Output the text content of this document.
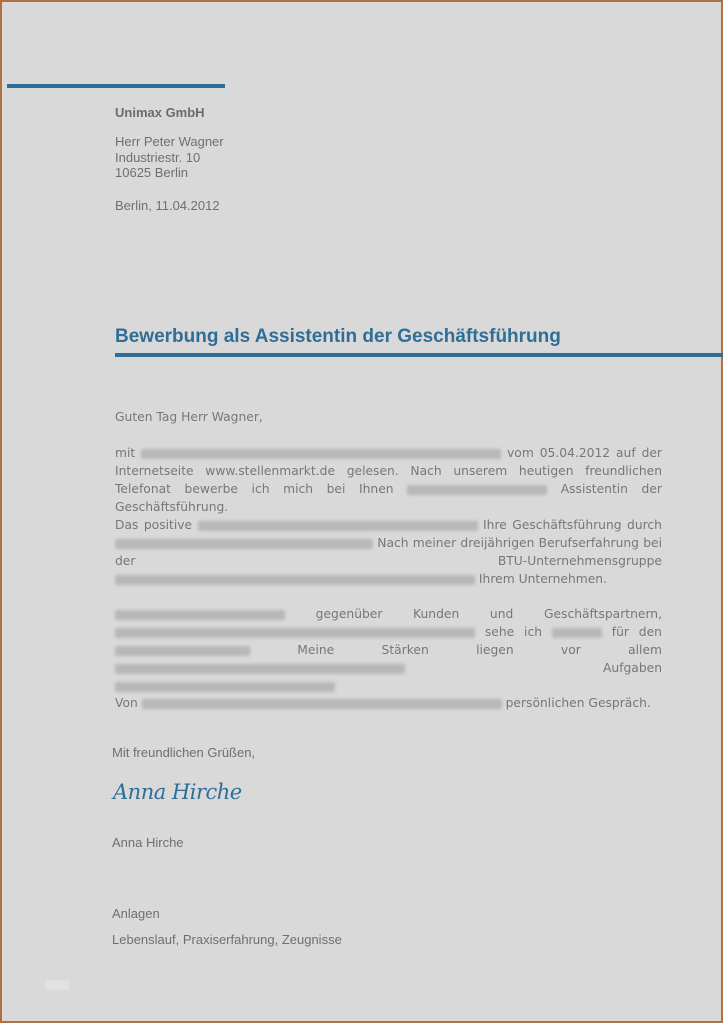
Unimax GmbH
Herr Peter Wagner
Industriestr. 10
10625 Berlin
Berlin, 11.04.2012
Bewerbung als Assistentin der Geschäftsführung
Guten Tag Herr Wagner,
mit	vom 05.04.2012 auf der Internetseite www.stellenmarkt.de gelesen. Nach unserem heutigen freundlichen Telefonat bewerbe ich mich bei Ihnen	Assistentin der Geschäftsführung.
Das positive	Ihre Geschäftsführung durch  Nach meiner dreijährigen Berufserfahrung bei der BTU-Unternehmensgruppe  Ihrem Unternehmen.
gegenüber Kunden und Geschäftspartnern,  sehe ich	für den  Meine Stärken liegen vor allem  Aufgaben
Von	persönlichen Gespräch.
Mit freundlichen Grüßen,
Anna Hirche
Anna Hirche
Anlagen
Lebenslauf, Praxiserfahrung, Zeugnisse
